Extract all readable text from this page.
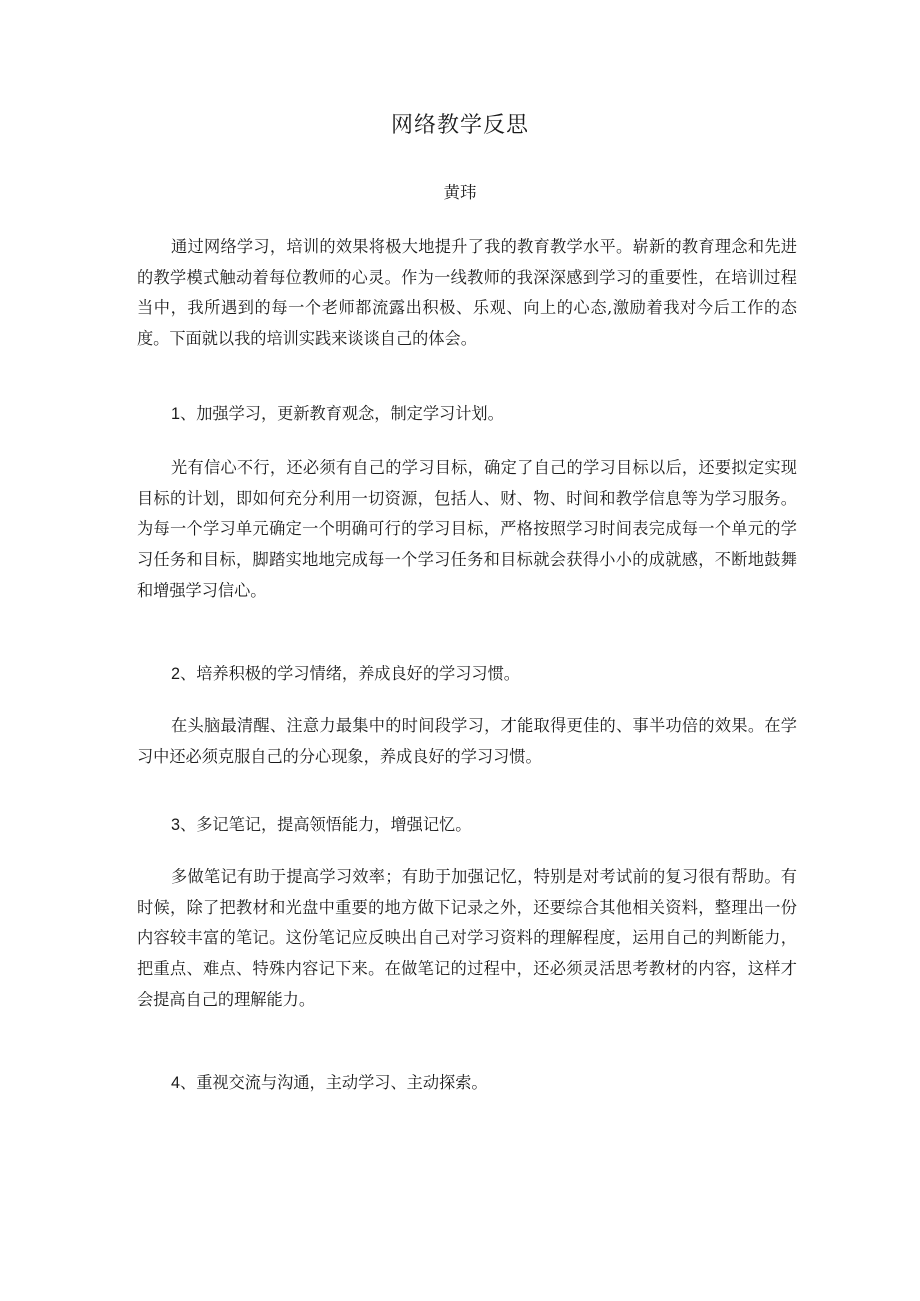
网络教学反思

黄玮

通过网络学习，培训的效果将极大地提升了我的教育教学水平。崭新的教育理念和先进的教学模式触动着每位教师的心灵。作为一线教师的我深深感到学习的重要性，在培训过程当中，我所遇到的每一个老师都流露出积极、乐观、向上的心态,激励着我对今后工作的态度。下面就以我的培训实践来谈谈自己的体会。

1、加强学习，更新教育观念，制定学习计划。

光有信心不行，还必须有自己的学习目标，确定了自己的学习目标以后，还要拟定实现目标的计划，即如何充分利用一切资源，包括人、财、物、时间和教学信息等为学习服务。为每一个学习单元确定一个明确可行的学习目标，严格按照学习时间表完成每一个单元的学习任务和目标，脚踏实地地完成每一个学习任务和目标就会获得小小的成就感，不断地鼓舞和增强学习信心。

2、培养积极的学习情绪，养成良好的学习习惯。

在头脑最清醒、注意力最集中的时间段学习，才能取得更佳的、事半功倍的效果。在学习中还必须克服自己的分心现象，养成良好的学习习惯。

3、多记笔记，提高领悟能力，增强记忆。

多做笔记有助于提高学习效率；有助于加强记忆，特别是对考试前的复习很有帮助。有时候，除了把教材和光盘中重要的地方做下记录之外，还要综合其他相关资料，整理出一份内容较丰富的笔记。这份笔记应反映出自己对学习资料的理解程度，运用自己的判断能力，把重点、难点、特殊内容记下来。在做笔记的过程中，还必须灵活思考教材的内容，这样才会提高自己的理解能力。

4、重视交流与沟通，主动学习、主动探索。
